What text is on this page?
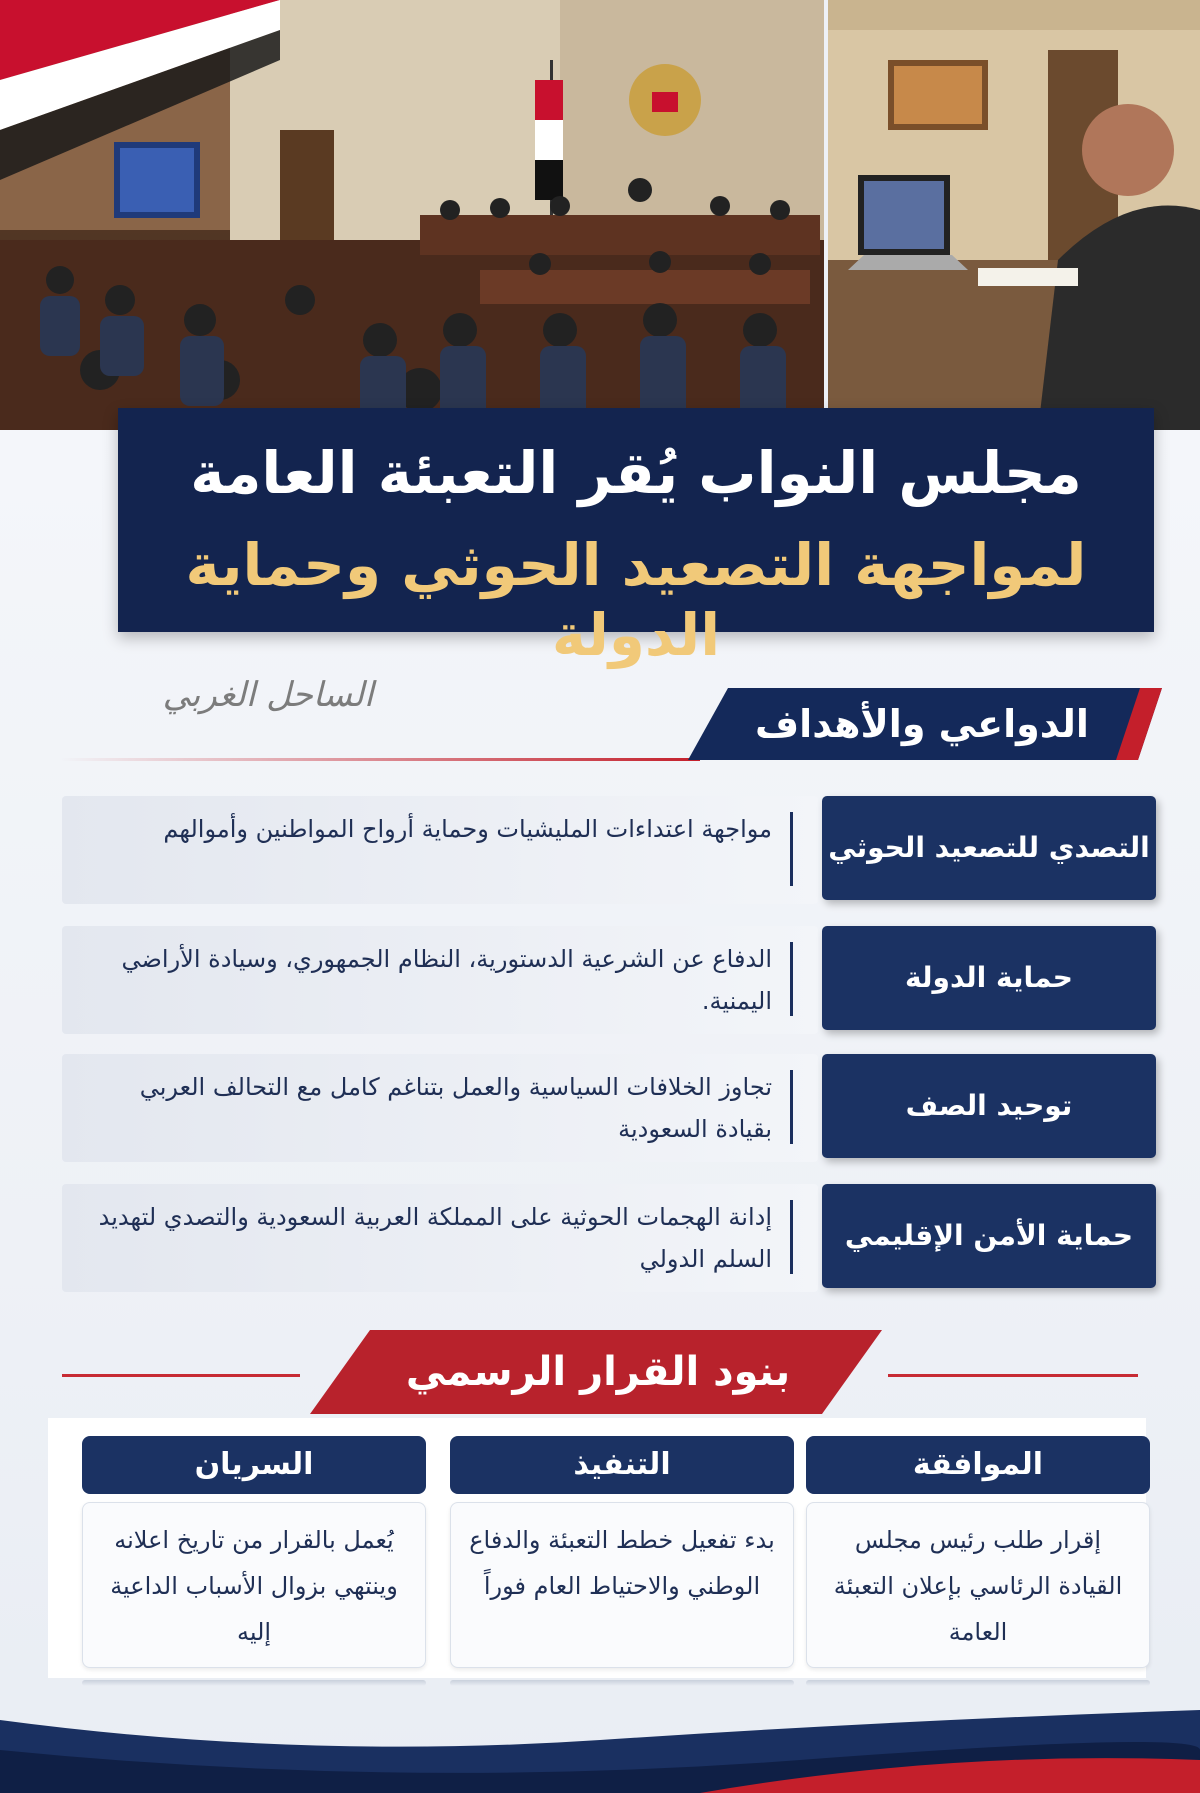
مجلس النواب يُقر التعبئة العامة
لمواجهة التصعيد الحوثي وحماية الدولة
الساحل الغربي
الدواعي والأهداف
مواجهة اعتداءات المليشيات وحماية أرواح المواطنين وأموالهم
التصدي للتصعيد الحوثي
الدفاع عن الشرعية الدستورية، النظام الجمهوري، وسيادة الأراضي اليمنية.
حماية الدولة
تجاوز الخلافات السياسية والعمل بتناغم كامل مع التحالف العربي بقيادة السعودية
توحيد الصف
إدانة الهجمات الحوثية على المملكة العربية السعودية والتصدي لتهديد السلم الدولي
حماية الأمن الإقليمي
بنود القرار الرسمي
الموافقة
إقرار طلب رئيس مجلس القيادة الرئاسي بإعلان التعبئة العامة
التنفيذ
بدء تفعيل خطط التعبئة والدفاع الوطني والاحتياط العام فوراً
السريان
يُعمل بالقرار من تاريخ اعلانه وينتهي بزوال الأسباب الداعية إليه
